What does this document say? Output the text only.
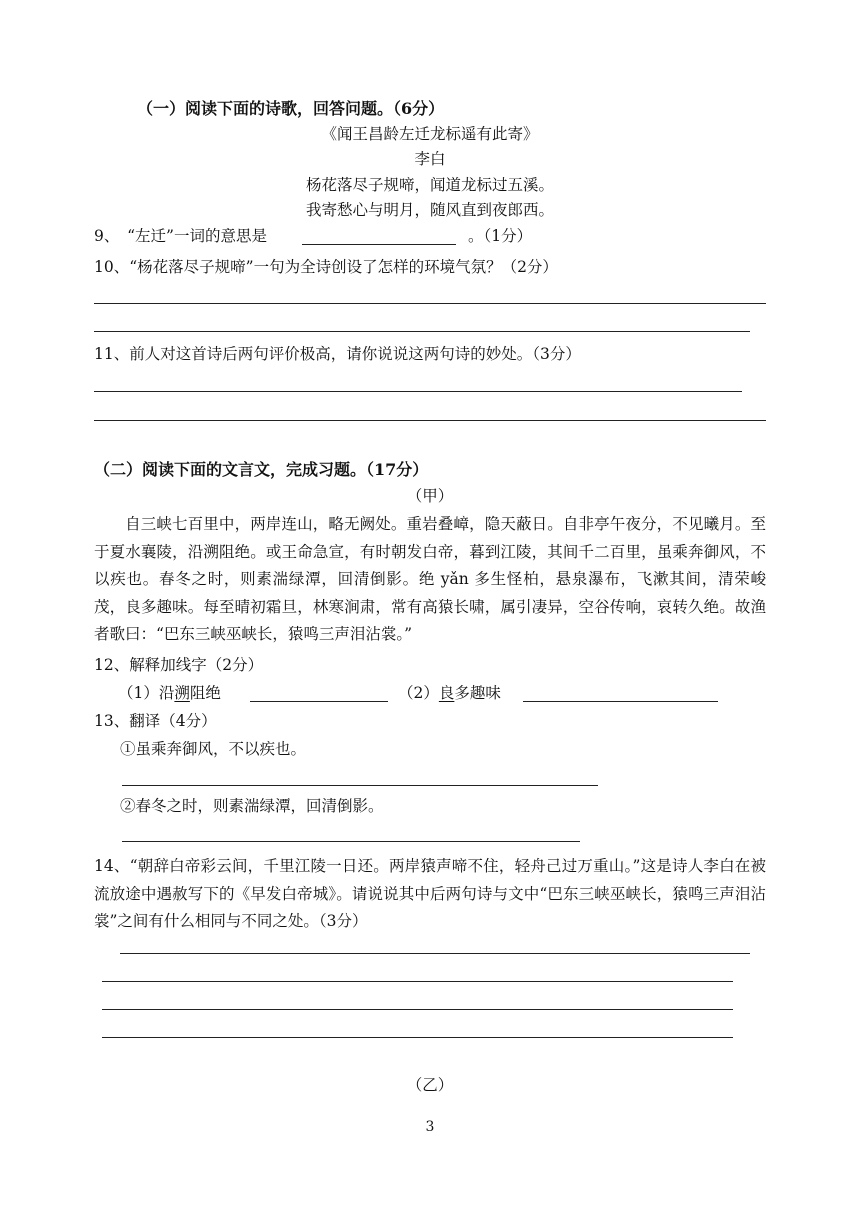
（一）阅读下面的诗歌，回答问题。（6分）
《闻王昌龄左迁龙标遥有此寄》
李白
杨花落尽子规啼，闻道龙标过五溪。
我寄愁心与明月，随风直到夜郎西。
9、　“左迁”一词的意思是	。（1分）
10、“杨花落尽子规啼”一句为全诗创设了怎样的环境气氛？（2分）
11、前人对这首诗后两句评价极高，请你说说这两句诗的妙处。（3分）
（二）阅读下面的文言文，完成习题。（17分）
（甲）
自三峡七百里中，两岸连山，略无阙处。重岩叠嶂，隐天蔽日。自非亭午夜分，不见曦月。至于夏水襄陵，沿溯阻绝。或王命急宣，有时朝发白帝，暮到江陵，其间千二百里，虽乘奔御风，不以疾也。春冬之时，则素湍绿潭，回清倒影。绝 yǎn 多生怪柏，悬泉瀑布，飞漱其间，清荣峻茂，良多趣味。每至晴初霜旦，林寒涧肃，常有高猿长啸，属引凄异，空谷传响，哀转久绝。故渔者歌曰：“巴东三峡巫峡长，猿鸣三声泪沾裳。”
12、解释加线字（2分）
（1）沿溯阻绝	（2）良多趣味
13、翻译（4分）
①虽乘奔御风，不以疾也。
②春冬之时，则素湍绿潭，回清倒影。
14、“朝辞白帝彩云间，千里江陵一日还。两岸猿声啼不住，轻舟己过万重山。”这是诗人李白在被流放途中遇赦写下的《早发白帝城》。请说说其中后两句诗与文中“巴东三峡巫峡长，猿鸣三声泪沾裳”之间有什么相同与不同之处。（3分）
（乙）
3
